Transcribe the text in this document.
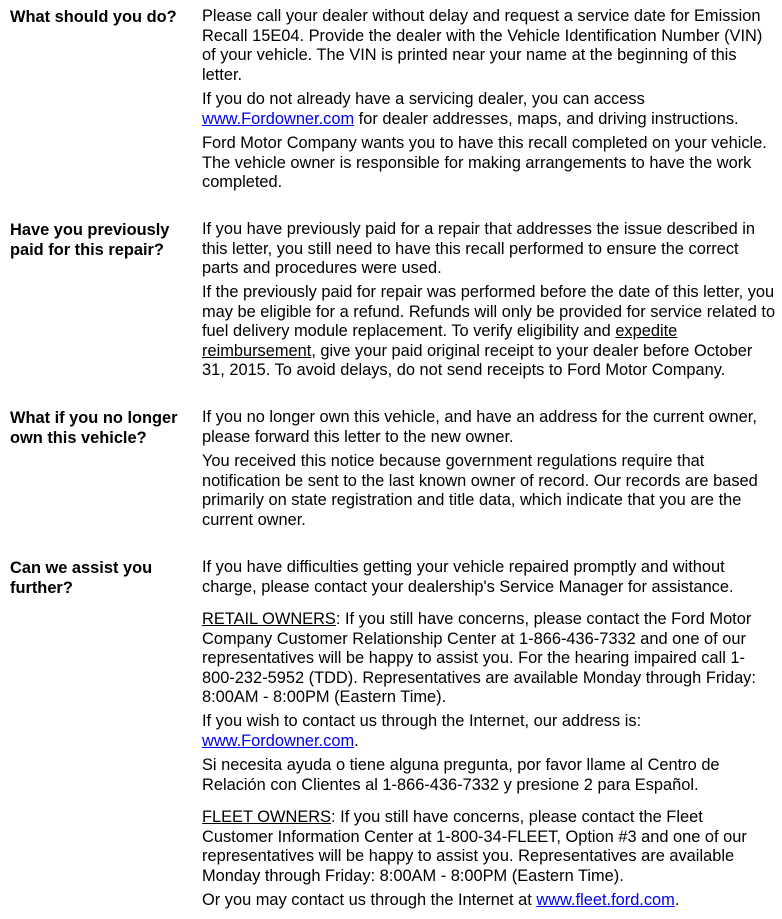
What should you do?	Please call your dealer without delay and request a service date for Emission Recall 15E04. Provide the dealer with the Vehicle Identification Number (VIN) of your vehicle. The VIN is printed near your name at the beginning of this letter.

If you do not already have a servicing dealer, you can access www.Fordowner.com for dealer addresses, maps, and driving instructions.

Ford Motor Company wants you to have this recall completed on your vehicle. The vehicle owner is responsible for making arrangements to have the work completed.

Have you previously paid for this repair?

If you have previously paid for a repair that addresses the issue described in this letter, you still need to have this recall performed to ensure the correct parts and procedures were used.

If the previously paid for repair was performed before the date of this letter, you may be eligible for a refund. Refunds will only be provided for service related to fuel delivery module replacement. To verify eligibility and expedite reimbursement, give your paid original receipt to your dealer before October 31, 2015. To avoid delays, do not send receipts to Ford Motor Company.

What if you no longer own this vehicle?

If you no longer own this vehicle, and have an address for the current owner, please forward this letter to the new owner.

You received this notice because government regulations require that notification be sent to the last known owner of record. Our records are based primarily on state registration and title data, which indicate that you are the current owner.

Can we assist you further?

If you have difficulties getting your vehicle repaired promptly and without charge, please contact your dealership's Service Manager for assistance.

RETAIL OWNERS: If you still have concerns, please contact the Ford Motor Company Customer Relationship Center at 1-866-436-7332 and one of our representatives will be happy to assist you. For the hearing impaired call 1-800-232-5952 (TDD). Representatives are available Monday through Friday: 8:00AM - 8:00PM (Eastern Time).

If you wish to contact us through the Internet, our address is: www.Fordowner.com.

Si necesita ayuda o tiene alguna pregunta, por favor llame al Centro de Relación con Clientes al 1-866-436-7332 y presione 2 para Español.

FLEET OWNERS: If you still have concerns, please contact the Fleet Customer Information Center at 1-800-34-FLEET, Option #3 and one of our representatives will be happy to assist you. Representatives are available Monday through Friday: 8:00AM - 8:00PM (Eastern Time).

Or you may contact us through the Internet at www.fleet.ford.com.
